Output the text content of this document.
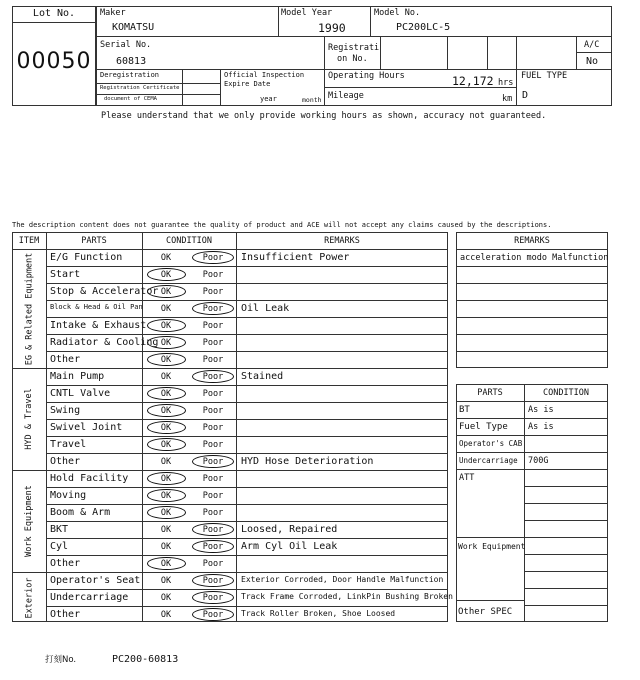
Lot No.
00050
Maker
KOMATSU
Model Year
1990
Model No.
PC200LC-5
Serial No.
60813
Registrati
on No.
A/C
No
Deregistration
Registration Certificate
document of CEMA
Official Inspection
Expire Date
year	month
Operating Hours	12,172 hrs
Mileage	km
FUEL TYPE
D
Please understand that we only provide working hours as shown, accuracy not guaranteed.
The description content does not guarantee the quality of product and ACE will not accept any claims caused by the descriptions.
ITEM	PARTS	CONDITION	REMARKS
EG & Related Equipment E/G Function	OK	Poor	Insufficient Power
Start	OK	Poor
Stop & Accelerator OK	Poor
Block & Head & Oil Pan	OK	Poor	Oil Leak
Intake & Exhaust	OK	Poor
Radiator & Cooling OK	Poor
Other	OK	Poor
HYD & Travel
Main Pump	OK	Poor	Stained
CNTL Valve	OK	Poor
Swing	OK	Poor
Swivel Joint	OK	Poor
Travel	OK	Poor
Other	OK	Poor	HYD Hose Deterioration
Work Equipment
Hold Facility	OK	Poor
Moving	OK	Poor
Boom & Arm	OK	Poor
BKT	OK	Poor	Loosed, Repaired
Cyl	OK	Poor	Arm Cyl Oil Leak
Other	OK	Poor
Exterior Operator's Seat	OK	Poor	Exterior Corroded, Door Handle Malfunction
Undercarriage	OK	Poor	Track Frame Corroded, LinkPin Bushing Broken
Other	OK	Poor	Track Roller Broken, Shoe Loosed
REMARKS
acceleration modo Malfunction
PARTS	CONDITION
BT	As is
Fuel Type As is
Operator's CAB
Undercarriage 700G
ATT
Work Equipment
Other SPEC
打刻No.	PC200-60813
